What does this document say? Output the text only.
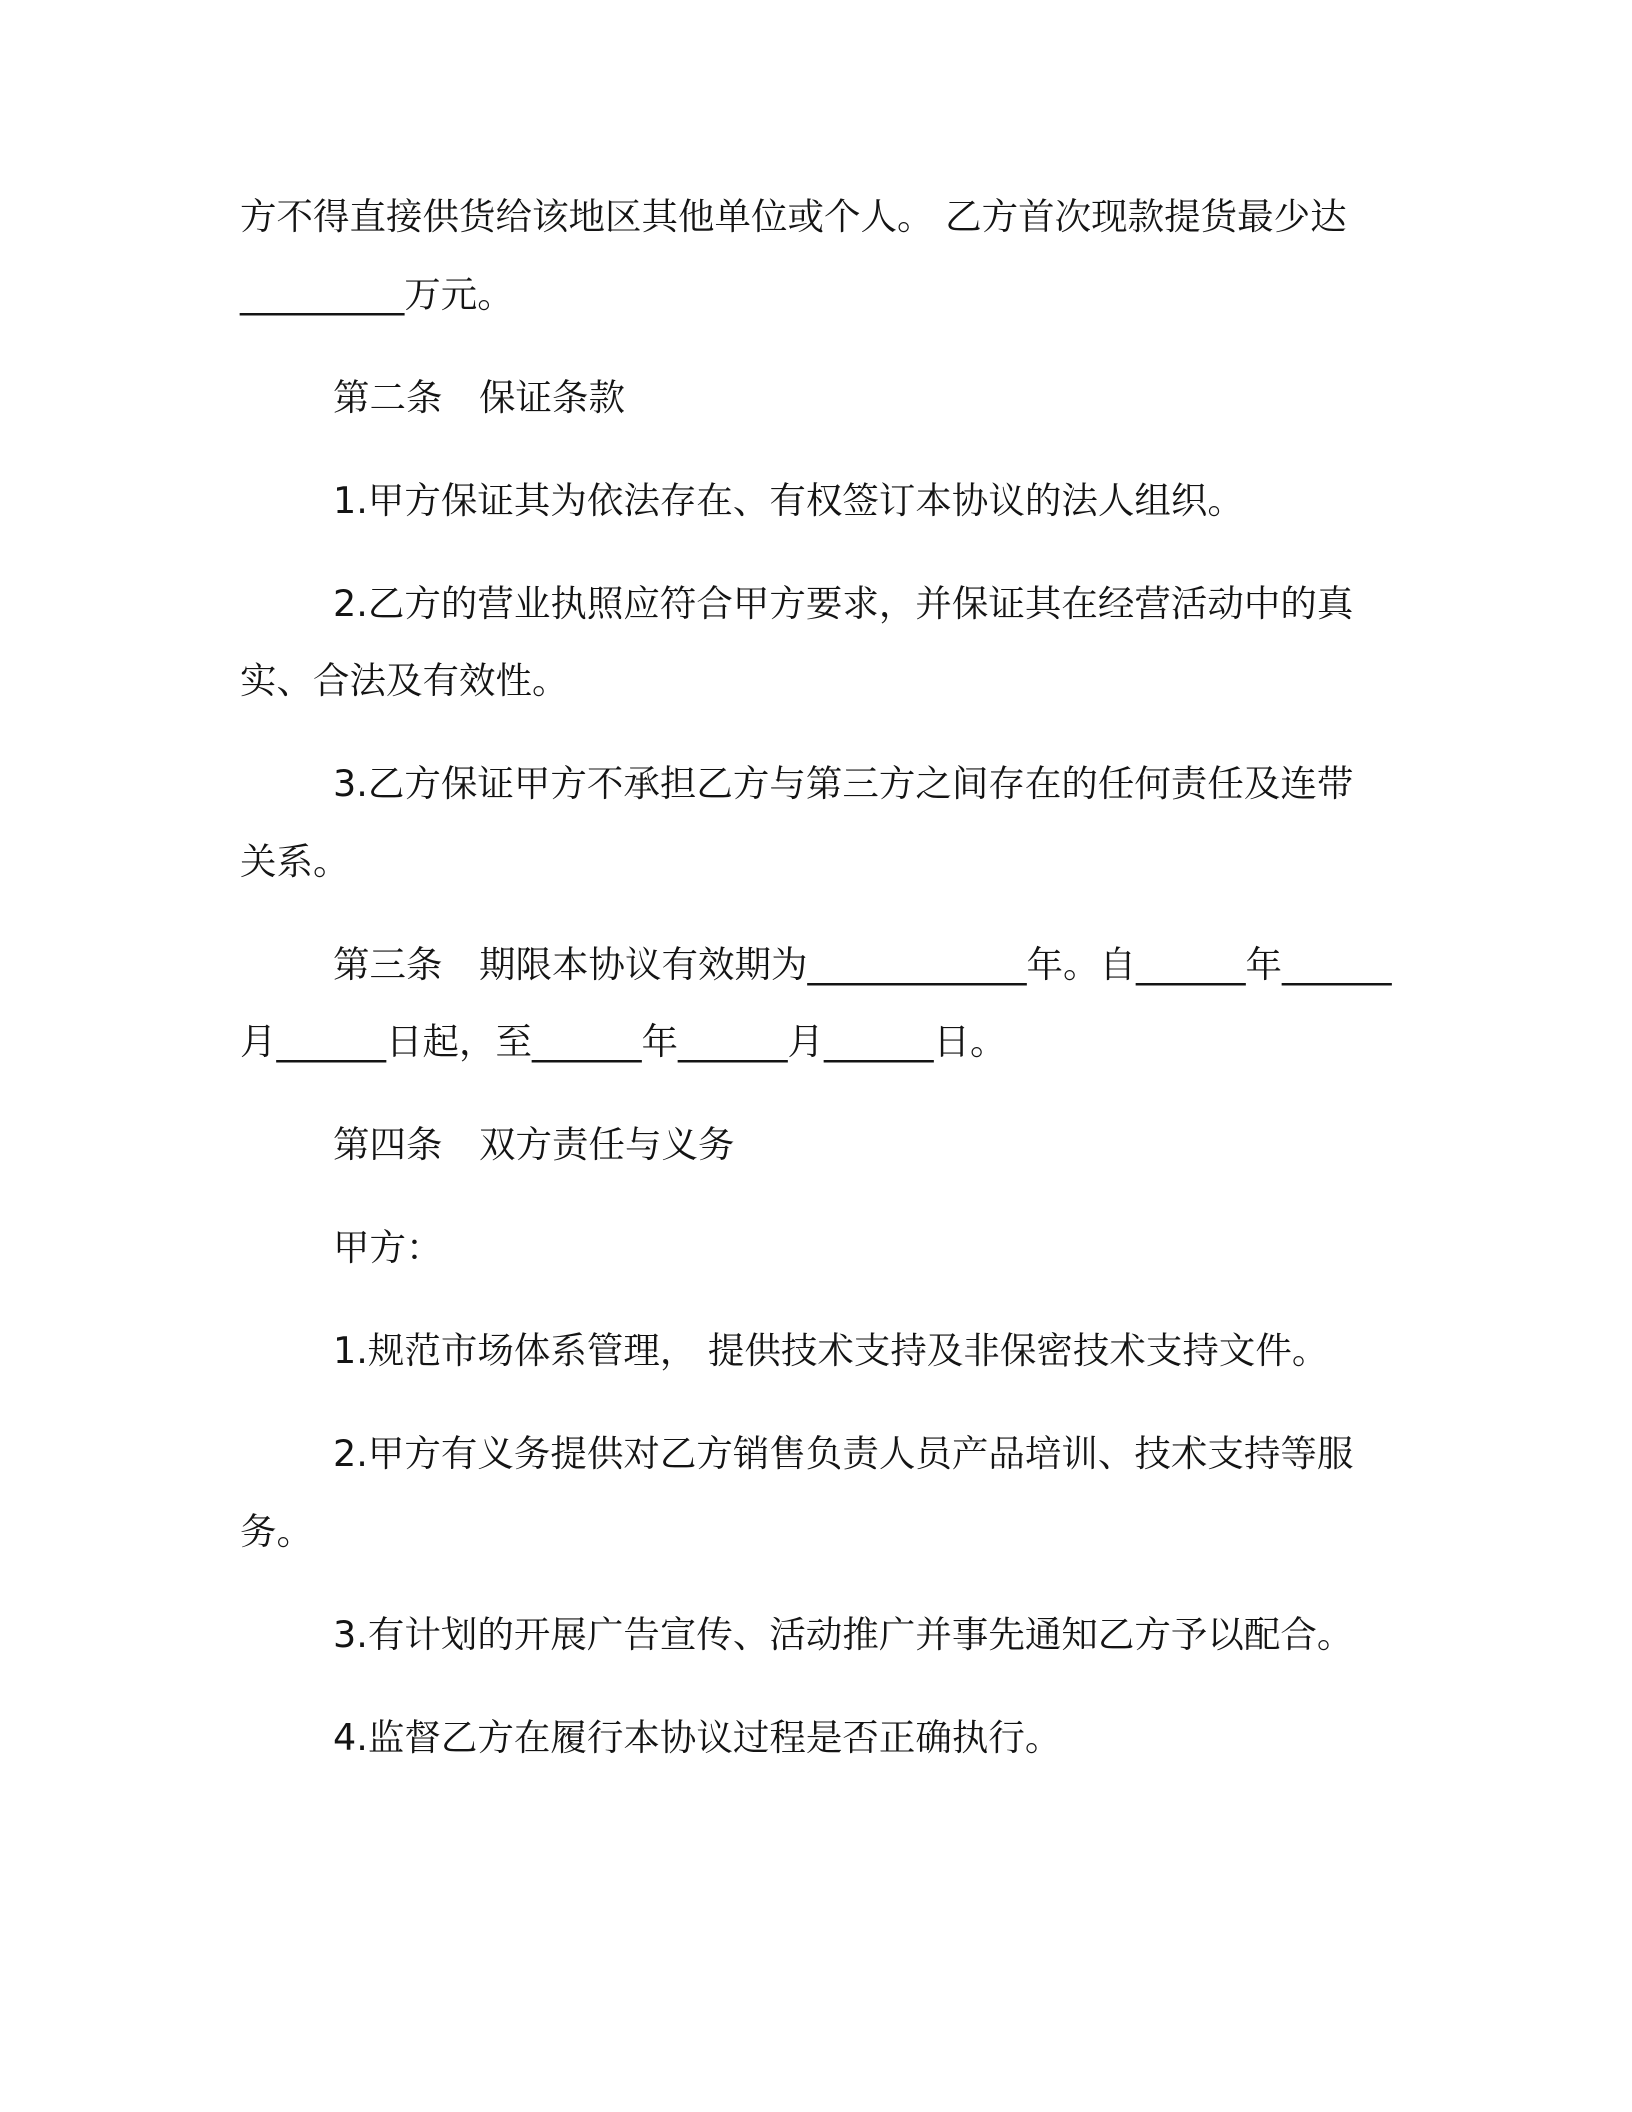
方不得直接供货给该地区其他单位或个人。 乙方首次现款提货最少达
_________万元。
第二条　保证条款
1.甲方保证其为依法存在、有权签订本协议的法人组织。
2.乙方的营业执照应符合甲方要求，并保证其在经营活动中的真
实、合法及有效性。
3.乙方保证甲方不承担乙方与第三方之间存在的任何责任及连带
关系。
第三条　期限本协议有效期为____________年。自______年______
月______日起，至______年______月______日。
第四条　双方责任与义务
甲方：
1.规范市场体系管理， 提供技术支持及非保密技术支持文件。
2.甲方有义务提供对乙方销售负责人员产品培训、技术支持等服
务。
3.有计划的开展广告宣传、活动推广并事先通知乙方予以配合。
4.监督乙方在履行本协议过程是否正确执行。
